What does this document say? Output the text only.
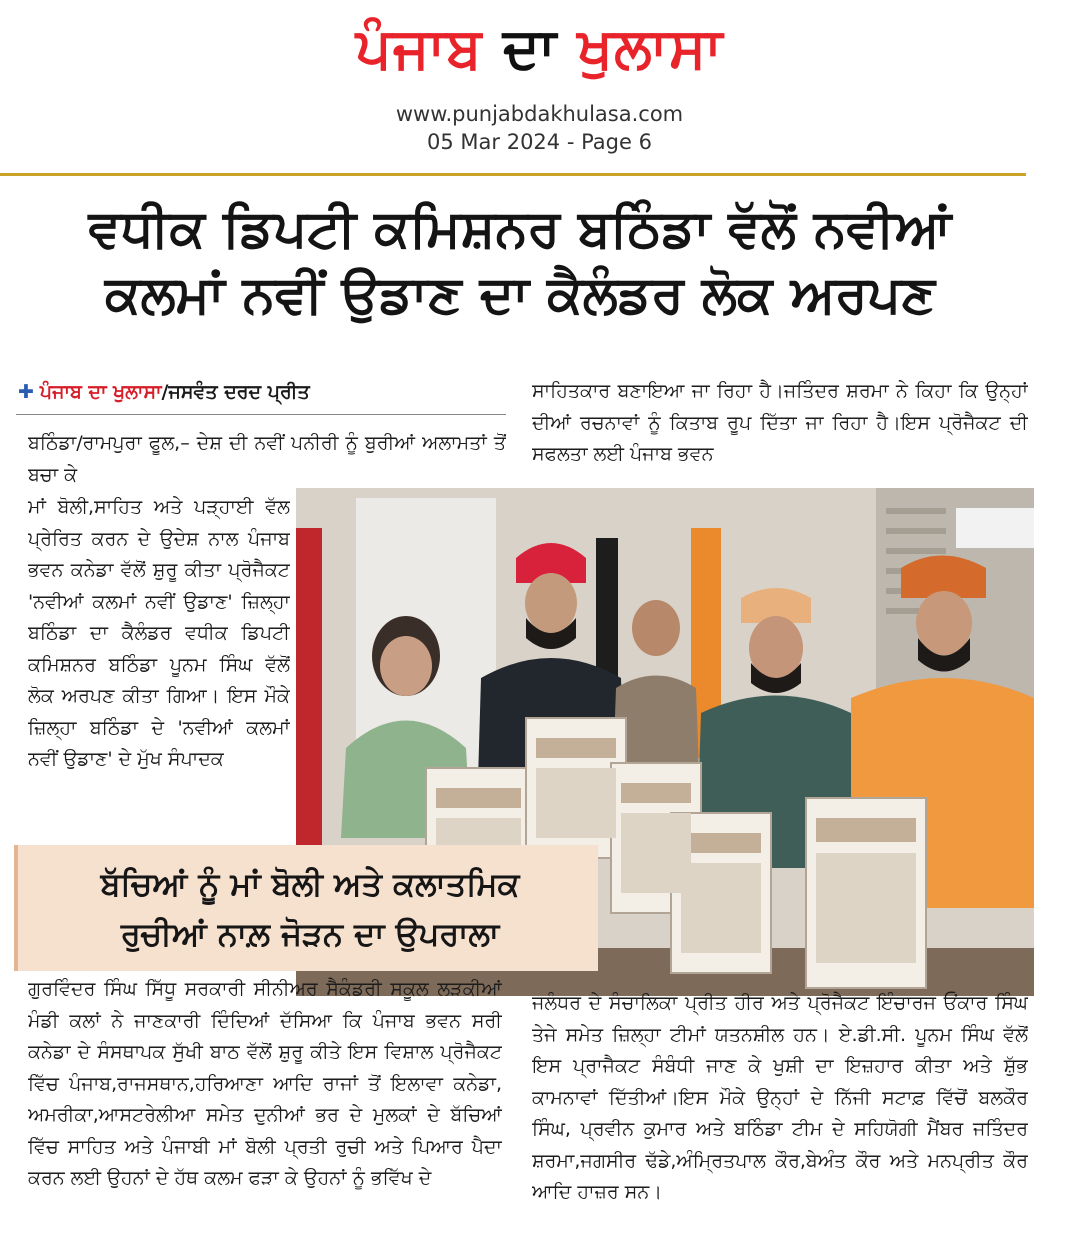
ਪੰਜਾਬ ਦਾ ਖੁਲਾਸਾ
www.punjabdakhulasa.com
05 Mar 2024 - Page 6
ਵਧੀਕ ਡਿਪਟੀ ਕਮਿਸ਼ਨਰ ਬਠਿੰਡਾ ਵੱਲੋਂ ਨਵੀਆਂ
ਕਲਮਾਂ ਨਵੀਂ ਉਡਾਣ ਦਾ ਕੈਲੰਡਰ ਲੋਕ ਅਰਪਣ
✚ ਪੰਜਾਬ ਦਾ ਖੁਲਾਸਾ/ਜਸਵੰਤ ਦਰਦ ਪ੍ਰੀਤ
ਬਠਿੰਡਾ/ਰਾਮਪੁਰਾ ਫੂਲ,– ਦੇਸ਼ ਦੀ ਨਵੀਂ ਪਨੀਰੀ ਨੂੰ ਬੁਰੀਆਂ ਅਲਾਮਤਾਂ ਤੋਂ ਬਚਾ ਕੇ
ਮਾਂ ਬੋਲੀ,ਸਾਹਿਤ ਅਤੇ ਪੜ੍ਹਾਈ ਵੱਲ ਪ੍ਰੇਰਿਤ ਕਰਨ ਦੇ ਉਦੇਸ਼ ਨਾਲ ਪੰਜਾਬ ਭਵਨ ਕਨੇਡਾ ਵੱਲੋਂ ਸ਼ੁਰੂ ਕੀਤਾ ਪ੍ਰੋਜੈਕਟ 'ਨਵੀਆਂ ਕਲਮਾਂ ਨਵੀਂ ਉਡਾਣ' ਜ਼ਿਲ੍ਹਾ ਬਠਿੰਡਾ ਦਾ ਕੈਲੰਡਰ ਵਧੀਕ ਡਿਪਟੀ ਕਮਿਸ਼ਨਰ ਬਠਿੰਡਾ ਪੂਨਮ ਸਿੰਘ ਵੱਲੋਂ ਲੋਕ ਅਰਪਣ ਕੀਤਾ ਗਿਆ। ਇਸ ਮੌਕੇ ਜ਼ਿਲ੍ਹਾ ਬਠਿੰਡਾ ਦੇ 'ਨਵੀਆਂ ਕਲਮਾਂ ਨਵੀਂ ਉਡਾਣ' ਦੇ ਮੁੱਖ ਸੰਪਾਦਕ
ਸਾਹਿਤਕਾਰ ਬਣਾਇਆ ਜਾ ਰਿਹਾ ਹੈ।ਜਤਿੰਦਰ ਸ਼ਰਮਾ ਨੇ ਕਿਹਾ ਕਿ ਉਨ੍ਹਾਂ ਦੀਆਂ ਰਚਨਾਵਾਂ ਨੂੰ ਕਿਤਾਬ ਰੂਪ ਦਿੱਤਾ ਜਾ ਰਿਹਾ ਹੈ।ਇਸ ਪ੍ਰੋਜੈਕਟ ਦੀ ਸਫਲਤਾ ਲਈ ਪੰਜਾਬ ਭਵਨ
ਬੱਚਿਆਂ ਨੂੰ ਮਾਂ ਬੋਲੀ ਅਤੇ ਕਲਾਤਮਿਕ
ਰੁਚੀਆਂ ਨਾਲ਼ ਜੋੜਨ ਦਾ ਉਪਰਾਲਾ
ਗੁਰਵਿੰਦਰ ਸਿੰਘ ਸਿੱਧੂ ਸਰਕਾਰੀ ਸੀਨੀਅਰ ਸੈਕੰਡਰੀ ਸਕੂਲ ਲੜਕੀਆਂ ਮੰਡੀ ਕਲਾਂ ਨੇ ਜਾਣਕਾਰੀ ਦਿੰਦਿਆਂ ਦੱਸਿਆ ਕਿ ਪੰਜਾਬ ਭਵਨ ਸਰੀ ਕਨੇਡਾ ਦੇ ਸੰਸਥਾਪਕ ਸੁੱਖੀ ਬਾਠ ਵੱਲੋਂ ਸ਼ੁਰੂ ਕੀਤੇ ਇਸ ਵਿਸ਼ਾਲ ਪ੍ਰੋਜੈਕਟ ਵਿੱਚ ਪੰਜਾਬ,ਰਾਜਸਥਾਨ,ਹਰਿਆਣਾ ਆਦਿ ਰਾਜਾਂ ਤੋਂ ਇਲਾਵਾ ਕਨੇਡਾ, ਅਮਰੀਕਾ,ਆਸਟਰੇਲੀਆ ਸਮੇਤ ਦੁਨੀਆਂ ਭਰ ਦੇ ਮੁਲਕਾਂ ਦੇ ਬੱਚਿਆਂ ਵਿੱਚ ਸਾਹਿਤ ਅਤੇ ਪੰਜਾਬੀ ਮਾਂ ਬੋਲੀ ਪ੍ਰਤੀ ਰੁਚੀ ਅਤੇ ਪਿਆਰ ਪੈਦਾ ਕਰਨ ਲਈ ਉਹਨਾਂ ਦੇ ਹੱਥ ਕਲਮ ਫੜਾ ਕੇ ਉਹਨਾਂ ਨੂੰ ਭਵਿੱਖ ਦੇ
ਜਲੰਧਰ ਦੇ ਸੰਚਾਲਿਕਾ ਪ੍ਰੀਤ ਹੀਰ ਅਤੇ ਪ੍ਰੋਜੈਕਟ ਇੰਚਾਰਜ ਓਂਕਾਰ ਸਿੰਘ ਤੇਜੇ ਸਮੇਤ ਜ਼ਿਲ੍ਹਾ ਟੀਮਾਂ ਯਤਨਸ਼ੀਲ ਹਨ। ਏ.ਡੀ.ਸੀ. ਪੂਨਮ ਸਿੰਘ ਵੱਲੋਂ ਇਸ ਪ੍ਰਾਜੈਕਟ ਸੰਬੰਧੀ ਜਾਣ ਕੇ ਖੁਸ਼ੀ ਦਾ ਇਜ਼ਹਾਰ ਕੀਤਾ ਅਤੇ ਸ਼ੁੱਭ ਕਾਮਨਾਵਾਂ ਦਿੱਤੀਆਂ।ਇਸ ਮੌਕੇ ਉਨ੍ਹਾਂ ਦੇ ਨਿੱਜੀ ਸਟਾਫ਼ ਵਿੱਚੋਂ ਬਲਕੌਰ ਸਿੰਘ, ਪ੍ਰਵੀਨ ਕੁਮਾਰ ਅਤੇ ਬਠਿੰਡਾ ਟੀਮ ਦੇ ਸਹਿਯੋਗੀ ਮੈਂਬਰ ਜਤਿੰਦਰ ਸ਼ਰਮਾ,ਜਗਸੀਰ ਢੱਡੇ,ਅੰਮ੍ਰਿਤਪਾਲ ਕੌਰ,ਬੇਅੰਤ ਕੌਰ ਅਤੇ ਮਨਪ੍ਰੀਤ ਕੌਰ ਆਦਿ ਹਾਜ਼ਰ ਸਨ।
